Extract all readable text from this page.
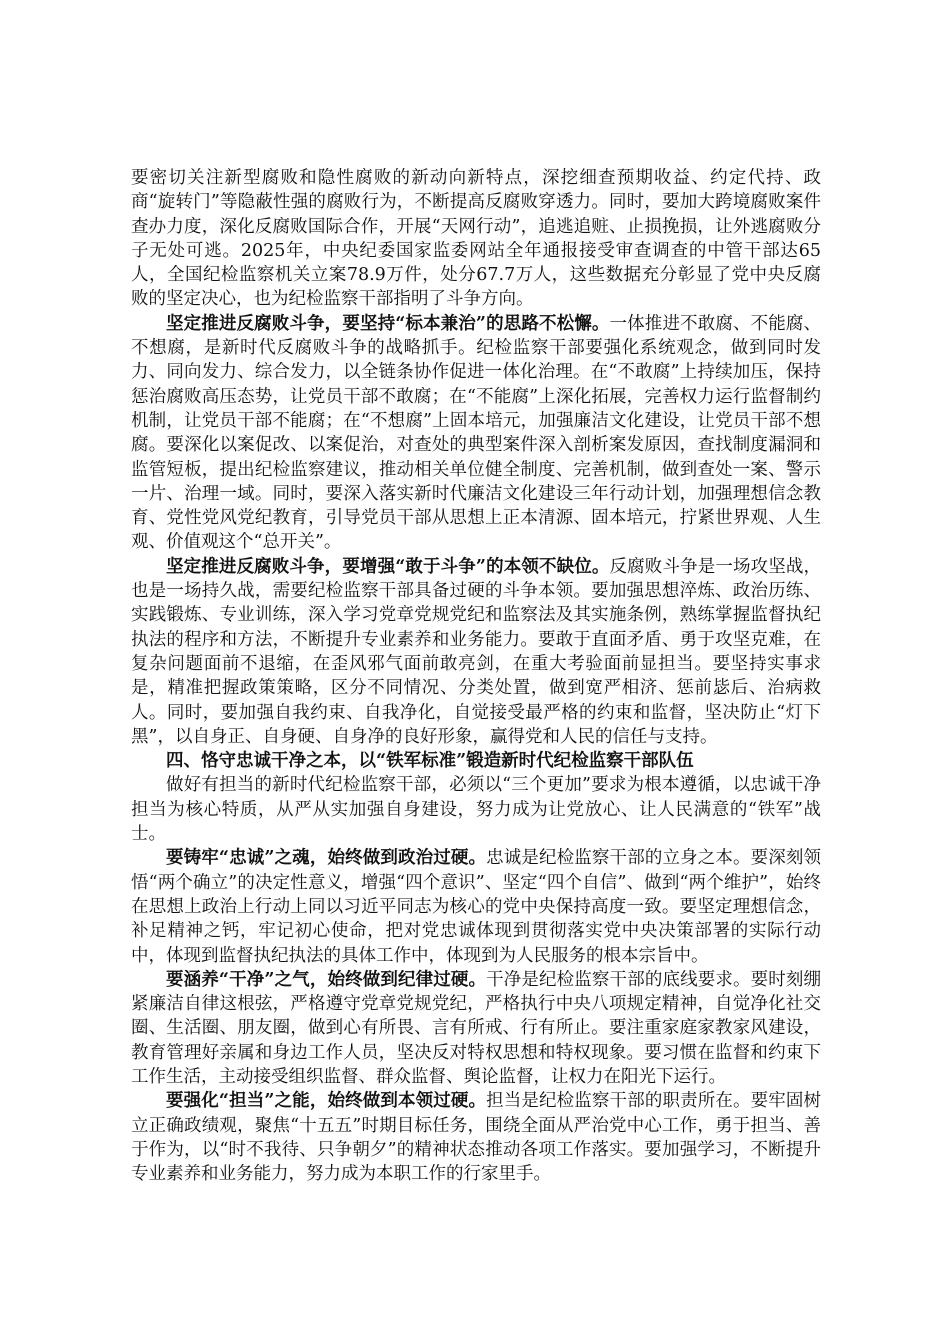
要密切关注新型腐败和隐性腐败的新动向新特点，深挖细查预期收益、约定代持、政商“旋转门”等隐蔽性强的腐败行为，不断提高反腐败穿透力。同时，要加大跨境腐败案件查办力度，深化反腐败国际合作，开展“天网行动”，追逃追赃、止损挽损，让外逃腐败分子无处可逃。2025年，中央纪委国家监委网站全年通报接受审查调查的中管干部达65人，全国纪检监察机关立案78.9万件，处分67.7万人，这些数据充分彰显了党中央反腐败的坚定决心，也为纪检监察干部指明了斗争方向。

坚定推进反腐败斗争，要坚持“标本兼治”的思路不松懈。一体推进不敢腐、不能腐、不想腐，是新时代反腐败斗争的战略抓手。纪检监察干部要强化系统观念，做到同时发力、同向发力、综合发力，以全链条协作促进一体化治理。在“不敢腐”上持续加压，保持惩治腐败高压态势，让党员干部不敢腐；在“不能腐”上深化拓展，完善权力运行监督制约机制，让党员干部不能腐；在“不想腐”上固本培元，加强廉洁文化建设，让党员干部不想腐。要深化以案促改、以案促治，对查处的典型案件深入剖析案发原因，查找制度漏洞和监管短板，提出纪检监察建议，推动相关单位健全制度、完善机制，做到查处一案、警示一片、治理一域。同时，要深入落实新时代廉洁文化建设三年行动计划，加强理想信念教育、党性党风党纪教育，引导党员干部从思想上正本清源、固本培元，拧紧世界观、人生观、价值观这个“总开关”。

坚定推进反腐败斗争，要增强“敢于斗争”的本领不缺位。反腐败斗争是一场攻坚战，也是一场持久战，需要纪检监察干部具备过硬的斗争本领。要加强思想淬炼、政治历练、实践锻炼、专业训练，深入学习党章党规党纪和监察法及其实施条例，熟练掌握监督执纪执法的程序和方法，不断提升专业素养和业务能力。要敢于直面矛盾、勇于攻坚克难，在复杂问题面前不退缩，在歪风邪气面前敢亮剑，在重大考验面前显担当。要坚持实事求是，精准把握政策策略，区分不同情况、分类处置，做到宽严相济、惩前毖后、治病救人。同时，要加强自我约束、自我净化，自觉接受最严格的约束和监督，坚决防止“灯下黑”，以自身正、自身硬、自身净的良好形象，赢得党和人民的信任与支持。

四、恪守忠诚干净之本，以“铁军标准”锻造新时代纪检监察干部队伍

做好有担当的新时代纪检监察干部，必须以“三个更加”要求为根本遵循，以忠诚干净担当为核心特质，从严从实加强自身建设，努力成为让党放心、让人民满意的“铁军”战士。

要铸牢“忠诚”之魂，始终做到政治过硬。忠诚是纪检监察干部的立身之本。要深刻领悟“两个确立”的决定性意义，增强“四个意识”、坚定“四个自信”、做到“两个维护”，始终在思想上政治上行动上同以习近平同志为核心的党中央保持高度一致。要坚定理想信念，补足精神之钙，牢记初心使命，把对党忠诚体现到贯彻落实党中央决策部署的实际行动中，体现到监督执纪执法的具体工作中，体现到为人民服务的根本宗旨中。

要涵养“干净”之气，始终做到纪律过硬。干净是纪检监察干部的底线要求。要时刻绷紧廉洁自律这根弦，严格遵守党章党规党纪，严格执行中央八项规定精神，自觉净化社交圈、生活圈、朋友圈，做到心有所畏、言有所戒、行有所止。要注重家庭家教家风建设，教育管理好亲属和身边工作人员，坚决反对特权思想和特权现象。要习惯在监督和约束下工作生活，主动接受组织监督、群众监督、舆论监督，让权力在阳光下运行。

要强化“担当”之能，始终做到本领过硬。担当是纪检监察干部的职责所在。要牢固树立正确政绩观，聚焦“十五五”时期目标任务，围绕全面从严治党中心工作，勇于担当、善于作为，以“时不我待、只争朝夕”的精神状态推动各项工作落实。要加强学习，不断提升专业素养和业务能力，努力成为本职工作的行家里手。
